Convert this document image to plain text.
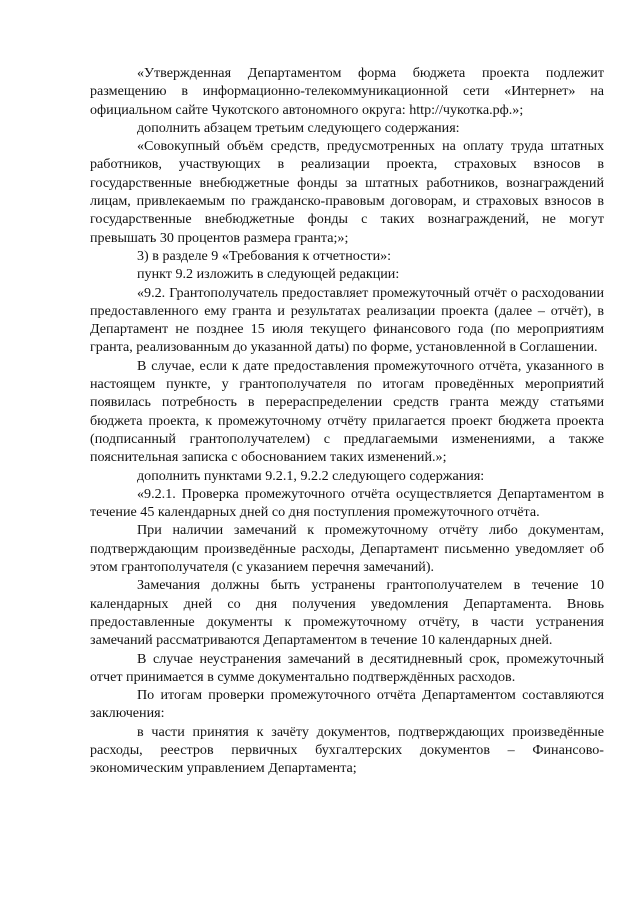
«Утвержденная Департаментом форма бюджета проекта подлежит размещению в информационно-телекоммуникационной сети «Интернет» на официальном сайте Чукотского автономного округа: http://чукотка.рф.»;

дополнить абзацем третьим следующего содержания:

«Совокупный объём средств, предусмотренных на оплату труда штатных работников, участвующих в реализации проекта, страховых взносов в государственные внебюджетные фонды за штатных работников, вознаграждений лицам, привлекаемым по гражданско-правовым договорам, и страховых взносов в государственные внебюджетные фонды с таких вознаграждений, не могут превышать 30 процентов размера гранта;»;

3) в разделе 9 «Требования к отчетности»:

пункт 9.2 изложить в следующей редакции:

«9.2. Грантополучатель предоставляет промежуточный отчёт о расходовании предоставленного ему гранта и результатах реализации проекта (далее – отчёт), в Департамент не позднее 15 июля текущего финансового года (по мероприятиям гранта, реализованным до указанной даты) по форме, установленной в Соглашении.

В случае, если к дате предоставления промежуточного отчёта, указанного в настоящем пункте, у грантополучателя по итогам проведённых мероприятий появилась потребность в перераспределении средств гранта между статьями бюджета проекта, к промежуточному отчёту прилагается проект бюджета проекта (подписанный грантополучателем) с предлагаемыми изменениями, а также пояснительная записка с обоснованием таких изменений.»;

дополнить пунктами 9.2.1, 9.2.2 следующего содержания:

«9.2.1. Проверка промежуточного отчёта осуществляется Департаментом в течение 45 календарных дней со дня поступления промежуточного отчёта.

При наличии замечаний к промежуточному отчёту либо документам, подтверждающим произведённые расходы, Департамент письменно уведомляет об этом грантополучателя (с указанием перечня замечаний).

Замечания должны быть устранены грантополучателем в течение 10 календарных дней со дня получения уведомления Департамента. Вновь предоставленные документы к промежуточному отчёту, в части устранения замечаний рассматриваются Департаментом в течение 10 календарных дней.

В случае неустранения замечаний в десятидневный срок, промежуточный отчет принимается в сумме документально подтверждённых расходов.

По итогам проверки промежуточного отчёта Департаментом составляются заключения:

в части принятия к зачёту документов, подтверждающих произведённые расходы, реестров первичных бухгалтерских документов – Финансово-экономическим управлением Департамента;
